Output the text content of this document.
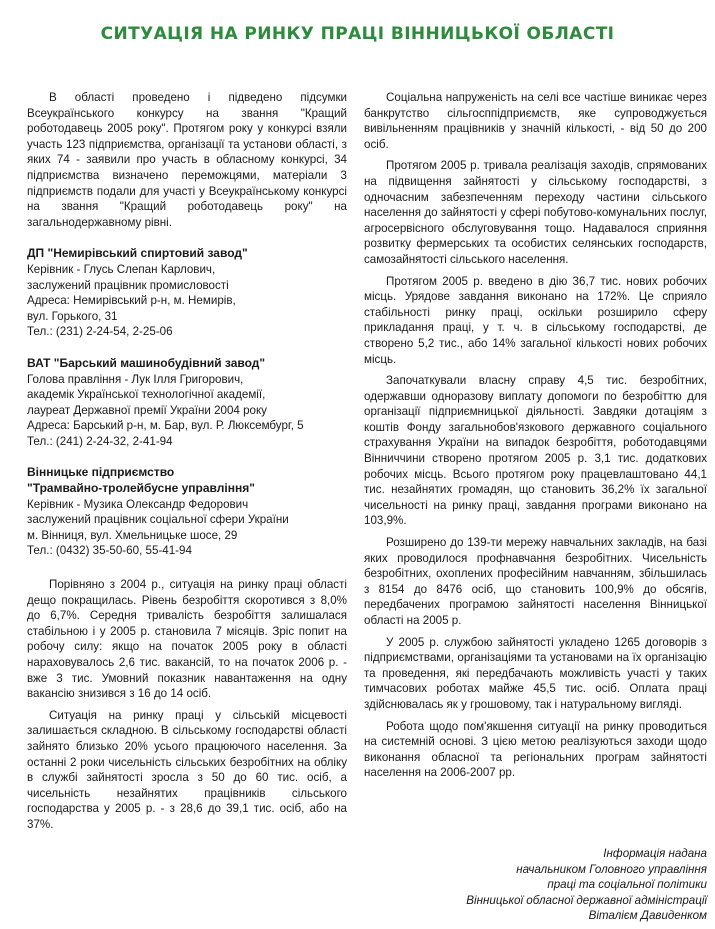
СИТУАЦІЯ НА РИНКУ ПРАЦІ ВІННИЦЬКОЇ ОБЛАСТІ

В області проведено і підведено підсумки Всеукраїнського конкурсу на звання "Кращий роботодавець 2005 року". Протягом року у конкурсі взяли участь 123 підприємства, організації та установи області, з яких 74 - заявили про участь в обласному конкурсі, 34 підприємства визначено переможцями, матеріали 3 підприємств подали для участі у Всеукраїнському конкурсі на звання "Кращий роботодавець року" на загальнодержавному рівні.

ДП "Немирівський спиртовий завод"
Керівник - Глусь Слепан Карлович,
заслужений працівник промисловості
Адреса: Немирівський р-н, м. Немирів,
вул. Горького, 31
Тел.: (231) 2-24-54, 2-25-06
ВАТ "Барський машинобудівний завод"
Голова правління - Лук Ілля Григорович,
академік Української технологічної академії,
лауреат Державної премії України 2004 року
Адреса: Барський р-н, м. Бар, вул. Р. Люксембург, 5
Тел.: (241) 2-24-32, 2-41-94
Вінницьке підприємство
"Трамвайно-тролейбусне управління"
Керівник - Музика Олександр Федорович
заслужений працівник соціальної сфери України
м. Вінниця, вул. Хмельницьке шосе, 29
Тел.: (0432) 35-50-60, 55-41-94

Порівняно з 2004 р., ситуація на ринку праці області дещо покращилась. Рівень безробіття скоротився з 8,0% до 6,7%. Середня тривалість безробіття залишалася стабільною і у 2005 р. становила 7 місяців. Зріс попит на робочу силу: якщо на початок 2005 року в області нараховувалось 2,6 тис. вакансій, то на початок 2006 р. - вже 3 тис. Умовний показник навантаження на одну вакансію знизився з 16 до 14 осіб.

Ситуація на ринку праці у сільській місцевості залишається складною. В сільському господарстві області зайнято близько 20% усього працюючого населення. За останні 2 роки чисельність сільських безробітних на обліку в службі зайнятості зросла з 50 до 60 тис. осіб, а чисельність незайнятих працівників сільського господарства у 2005 р. - з 28,6 до 39,1 тис. осіб, або на 37%.

Соціальна напруженість на селі все частіше виникає через банкрутство сільгосппідприємств, яке супроводжується вивільненням працівників у значній кількості, - від 50 до 200 осіб.

Протягом 2005 р. тривала реалізація заходів, спрямованих на підвищення зайнятості у сільському господарстві, з одночасним забезпеченням переходу частини сільського населення до зайнятості у сфері побутово-комунальних послуг, агросервісного обслуговування тощо. Надавалося сприяння розвитку фермерських та особистих селянських господарств, самозайнятості сільського населення.

Протягом 2005 р. введено в дію 36,7 тис. нових робочих місць. Урядове завдання виконано на 172%. Це сприяло стабільності ринку праці, оскільки розширило сферу прикладання праці, у т. ч. в сільському господарстві, де створено 5,2 тис., або 14% загальної кількості нових робочих місць.

Започаткували власну справу 4,5 тис. безробітних, одержавши одноразову виплату допомоги по безробіттю для організації підприємницької діяльності. Завдяки дотаціям з коштів Фонду загальнобов'язкового державного соціального страхування України на випадок безробіття, роботодавцями Вінниччини створено протягом 2005 р. 3,1 тис. додаткових робочих місць. Всього протягом року працевлаштовано 44,1 тис. незайнятих громадян, що становить 36,2% їх загальної чисельності на ринку праці, завдання програми виконано на 103,9%.

Розширено до 139-ти мережу навчальних закладів, на базі яких проводилося профнавчання безробітних. Чисельність безробітних, охоплених професійним навчанням, збільшилась з 8154 до 8476 осіб, що становить 100,9% до обсягів, передбачених програмою зайнятості населення Вінницької області на 2005 р.

У 2005 р. службою зайнятості укладено 1265 договорів з підприємствами, організаціями та установами на їх організацію та проведення, які передбачають можливість участі у таких тимчасових роботах майже 45,5 тис. осіб. Оплата праці здійснювалась як у грошовому, так і натуральному вигляді.

Робота щодо пом'якшення ситуації на ринку проводиться на системній основі. З цією метою реалізуються заходи щодо виконання обласної та регіональних програм зайнятості населення на 2006-2007 рр.

Інформація надана
начальником Головного управління
праці та соціальної політики
Вінницької обласної державної адміністрації
Віталієм Давиденком
